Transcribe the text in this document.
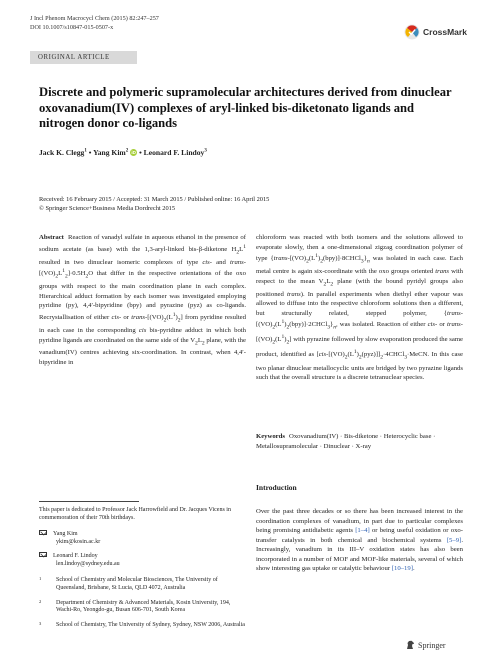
J Incl Phenom Macrocycl Chem (2015) 82:247–257
DOI 10.1007/s10847-015-0507-x	CrossMark
ORIGINAL ARTICLE
Discrete and polymeric supramolecular architectures derived from dinuclear oxovanadium(IV) complexes of aryl-linked bis-diketonato ligands and nitrogen donor co-ligands
Jack K. Clegg$^1$ • Yang Kim$^2$ iD • Leonard F. Lindoy$^3$
Received: 16 February 2015 / Accepted: 31 March 2015 / Published online: 16 April 2015
© Springer Science+Business Media Dordrecht 2015
Abstract Reaction of vanadyl sulfate in aqueous ethanol in the presence of sodium acetate (as base) with the 1,3-aryl-linked bis-β-diketone $H_2L^1$ resulted in two dinuclear isomeric complexes of type cis- and trans-$[(VO)_2L^1_2]\cdot 0.5H_2O$ that differ in the respective orientations of the oxo groups with respect to the main coordination plane in each complex. Hierarchical adduct formation by each isomer was investigated employing pyridine (py), 4,4′-bipyridine (bpy) and pyrazine (pyz) as co-ligands. Recrystallisation of either cis- or trans-$[(VO)_2(L^1)_2]$ from pyridine resulted in each case in the corresponding cis bis-pyridine adduct in which both pyridine ligands are coordinated on the same side of the $V_2L_2$ plane, with the vanadium(IV) centres achieving six-coordination. In contrast, when 4,4′-bipyridine in
chloroform was reacted with both isomers and the solutions allowed to evaporate slowly, then a one-dimensional zigzag coordination polymer of type $\{trans-[(VO)_2(L^1)_2(bpy)]\cdot 8CHCl_3\}_n$ was isolated in each case. Each metal centre is again six-coordinate with the oxo groups oriented trans with respect to the mean $V_2L_2$ plane (with the bound pyridyl groups also positioned trans). In parallel experiments when diethyl ether vapour was allowed to diffuse into the respective chloroform solutions then a different, but structurally related, stepped polymer, $\{trans-[(VO)_2(L^1)_2(bpy)]\cdot 2CHCl_3\}_n$, was isolated. Reaction of either cis- or trans-$[(VO)_2(L^1)_2]$ with pyrazine followed by slow evaporation produced the same product, identified as $[cis-[(VO)_2(L^1)_2(pyz)]]_2\cdot 4CHCl_3\cdot MeCN$. In this case two planar dinuclear metallocyclic units are bridged by two pyrazine ligands such that the overall structure is a discrete tetranuclear species.
This paper is dedicated to Professor Jack Harrowfield and Dr. Jacques Vicens in commemoration of their 70th birthdays.
Yang Kim
ykim@kosin.ac.kr
Leonard F. Lindoy
len.lindoy@sydney.edu.au
1 School of Chemistry and Molecular Biosciences, The University of Queensland, Brisbane, St Lucia, QLD 4072, Australia
2 Department of Chemistry & Advanced Materials, Kosin University, 194, Wachi-Ro, Yeongdo-gu, Busan 606-701, South Korea
3 School of Chemistry, The University of Sydney, Sydney, NSW 2006, Australia
Keywords Oxovanadium(IV) · Bis-diketone · Heterocyclic base · Metallosupramolecular · Dinuclear · X-ray
Introduction
Over the past three decades or so there has been increased interest in the coordination complexes of vanadium, in part due to particular complexes being promising antidiabetic agents [1–4] or being useful oxidation or oxo-transfer catalysts in both chemical and biochemical systems [5–9]. Increasingly, vanadium in its III–V oxidation states has also been incorporated in a number of MOF and MOF-like materials, several of which show interesting gas uptake or catalytic behaviour [10–19].
Springer
